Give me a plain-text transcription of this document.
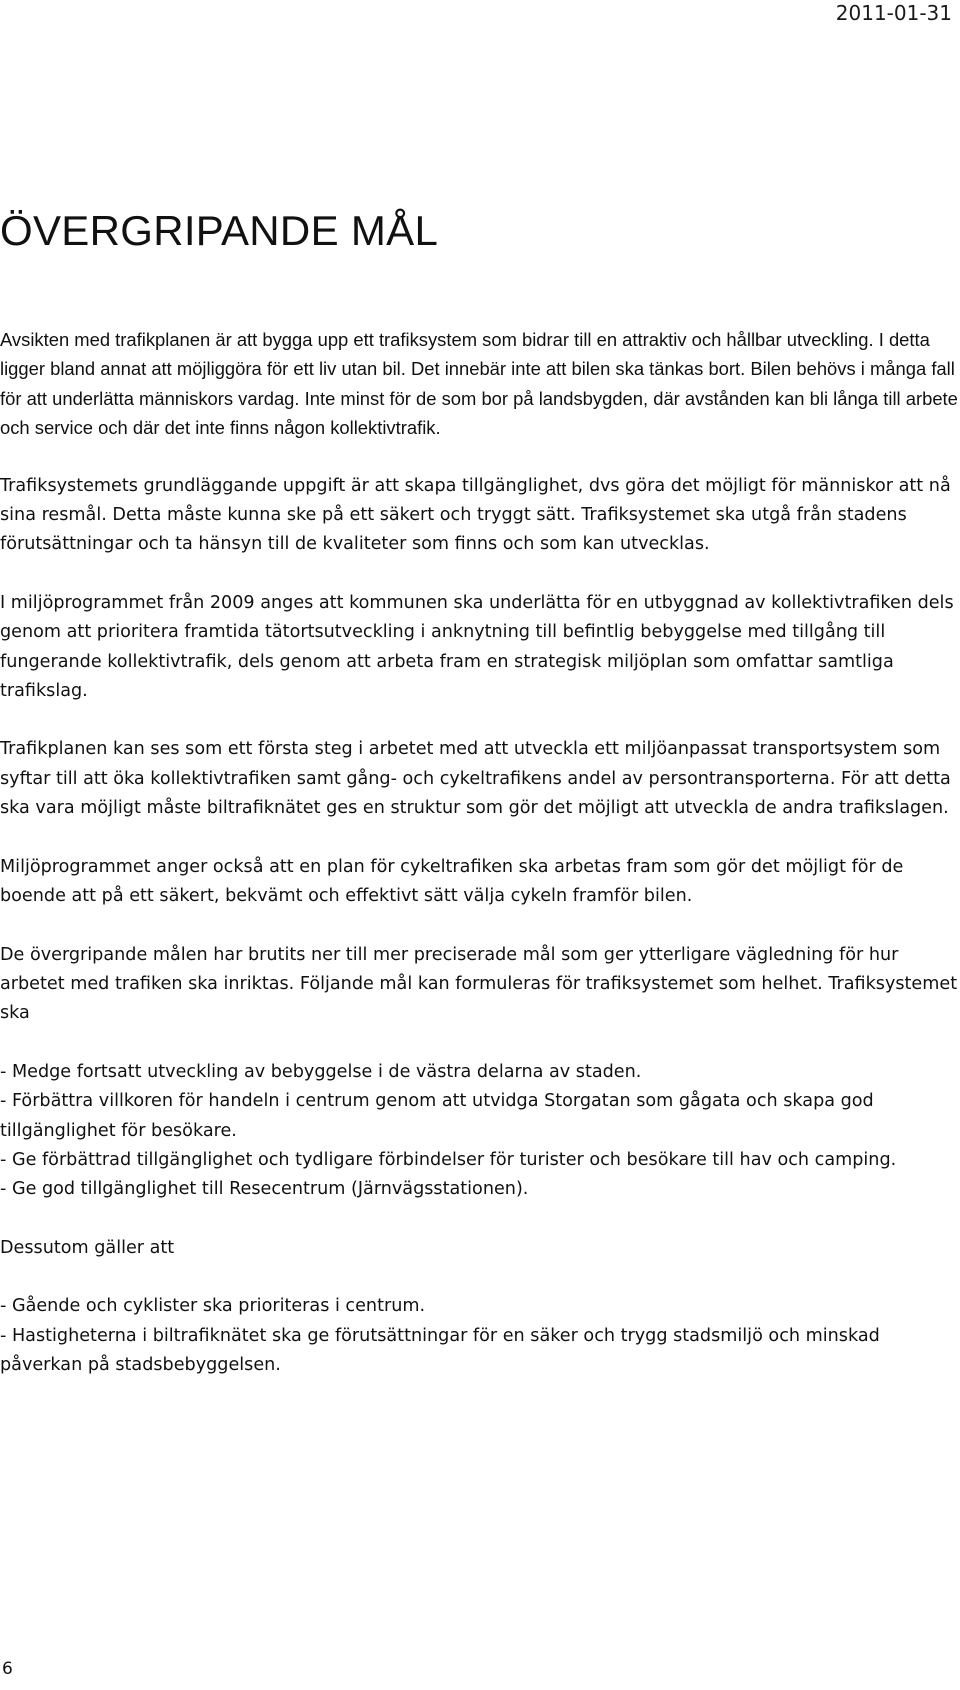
2011-01-31
ÖVERGRIPANDE MÅL

Avsikten med trafikplanen är att bygga upp ett trafiksystem som bidrar till en attraktiv och hållbar utveckling. I detta ligger bland annat att möjliggöra för ett liv utan bil. Det innebär inte att bilen ska tänkas bort. Bilen behövs i många fall för att underlätta människors vardag. Inte minst för de som bor på landsbygden, där avstånden kan bli långa till arbete och service och där det inte finns någon kollektivtrafik.

Trafiksystemets grundläggande uppgift är att skapa tillgänglighet, dvs göra det möjligt för människor att nå sina resmål. Detta måste kunna ske på ett säkert och tryggt sätt. Trafiksystemet ska utgå från stadens förutsättningar och ta hänsyn till de kvaliteter som finns och som kan utvecklas.

I miljöprogrammet från 2009 anges att kommunen ska underlätta för en utbyggnad av kollektivtrafiken dels genom att prioritera framtida tätortsutveckling i anknytning till befintlig bebyggelse med tillgång till fungerande kollektivtrafik, dels genom att arbeta fram en strategisk miljöplan som omfattar samtliga trafikslag.

Trafikplanen kan ses som ett första steg i arbetet med att utveckla ett miljöanpassat transportsystem som syftar till att öka kollektivtrafiken samt gång- och cykeltrafikens andel av persontransporterna. För att detta ska vara möjligt måste biltrafiknätet ges en struktur som gör det möjligt att utveckla de andra trafikslagen.

Miljöprogrammet anger också att en plan för cykeltrafiken ska arbetas fram som gör det möjligt för de boende att på ett säkert, bekvämt och effektivt sätt välja cykeln framför bilen.

De övergripande målen har brutits ner till mer preciserade mål som ger ytterligare vägledning för hur arbetet med trafiken ska inriktas. Följande mål kan formuleras för trafiksystemet som helhet. Trafiksystemet ska

- Medge fortsatt utveckling av bebyggelse i de västra delarna av staden.

- Förbättra villkoren för handeln i centrum genom att utvidga Storgatan som gågata och skapa god tillgänglighet för besökare.

- Ge förbättrad tillgänglighet och tydligare förbindelser för turister och besökare till hav och camping.

- Ge god tillgänglighet till Resecentrum (Järnvägsstationen).

Dessutom gäller att

- Gående och cyklister ska prioriteras i centrum.

- Hastigheterna i biltrafiknätet ska ge förutsättningar för en säker och trygg stadsmiljö och minskad påverkan på stadsbebyggelsen.

6
